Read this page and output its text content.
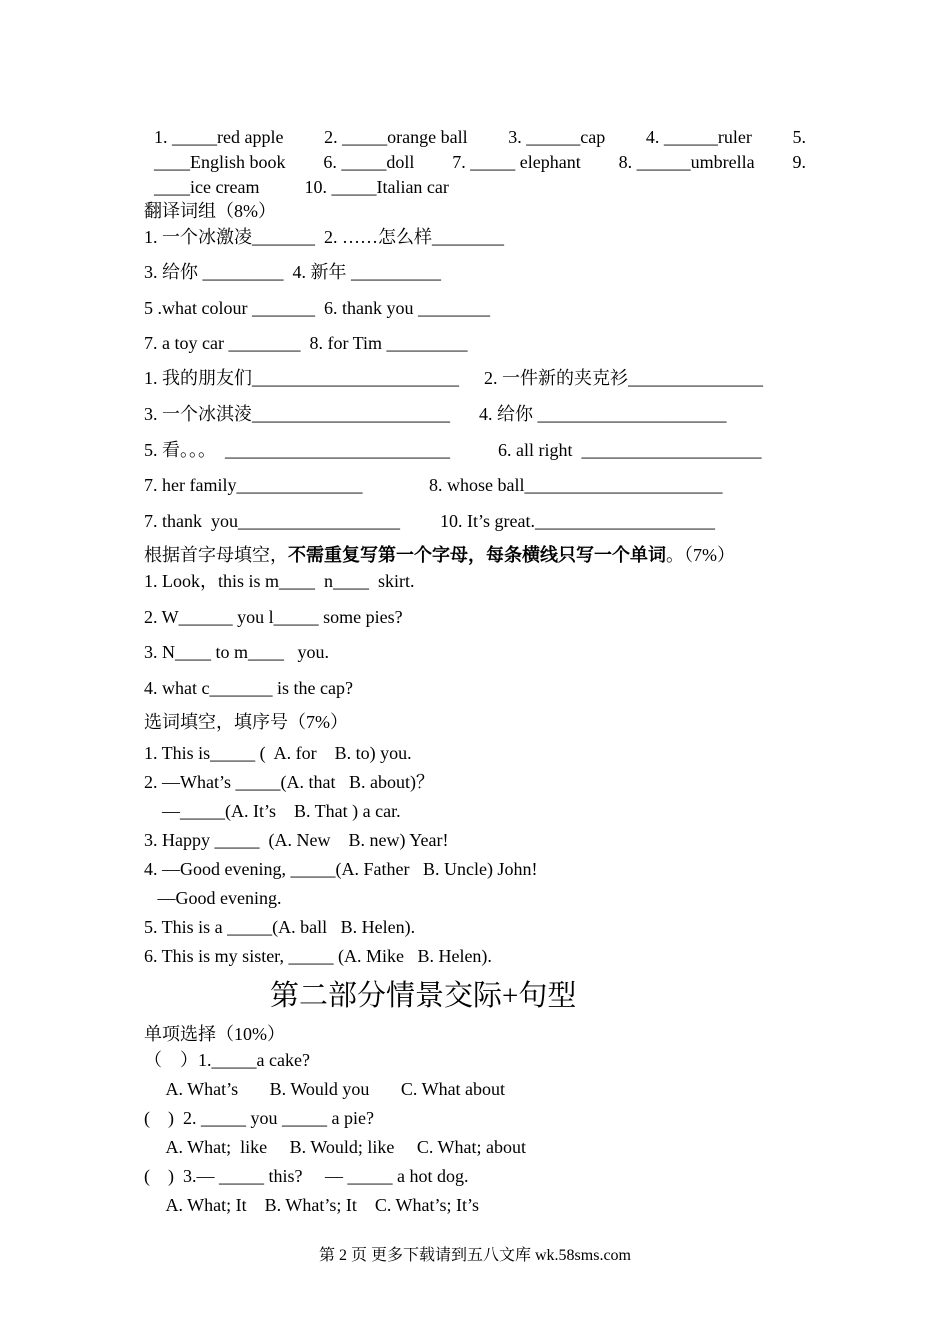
1. _____red apple 2. _____orange ball 3. ______cap 4. ______ruler 5.
____English book 6. _____doll 7. _____ elephant 8. ______umbrella 9.
____ice cream	10. _____Italian car
翻译词组（8%）
1. 一个冰激凌_______  2. ……怎么样________
3. 给你 _________  4. 新年 __________
5 .what colour _______  6. thank you ________
7. a toy car ________  8. for Tim _________
1. 我的朋友们_______________________ 2. 一件新的夹克衫_______________
3. 一个冰淇淩______________________ 4. 给你 _____________________
5. 看。。。  _________________________	6. all right  ____________________
7. her family______________	8. whose ball______________________
7. thank  you__________________ 10. It’s great.____________________
根据首字母填空，不需重复写第一个字母，每条横线只写一个单词。（7%）
1. Look，this is m____  n____  skirt.
2. W______ you l_____ some pies?
3. N____ to m____   you.
4. what c_______ is the cap?
选词填空，填序号（7%）
1. This is_____ (  A. for    B. to) you.
2. —What’s _____(A. that   B. about)？
—_____(A. It’s    B. That ) a car.
3. Happy _____  (A. New    B. new) Year!
4. —Good evening, _____(A. Father   B. Uncle) John!
—Good evening.
5. This is a _____(A. ball   B. Helen).
6. This is my sister, _____ (A. Mike   B. Helen).
第二部分情景交际+句型
单项选择（10%）
（    ）1._____a cake?
A. What’s       B. Would you       C. What about
(    )  2. _____ you _____ a pie?
A. What;  like     B. Would; like     C. What; about
(    )  3.— _____ this?     — _____ a hot dog.
A. What; It    B. What’s; It    C. What’s; It’s
第 2 页 更多下载请到五八文库 wk.58sms.com
